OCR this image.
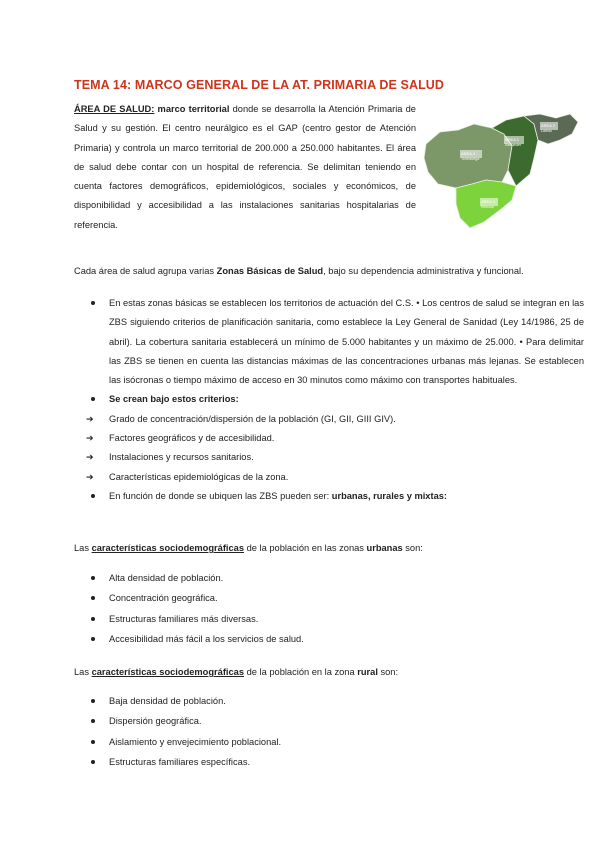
TEMA 14: MARCO GENERAL DE LA AT. PRIMARIA DE SALUD
ÁREA DE SALUD: marco territorial donde se desarrolla la Atención Primaria de Salud y su gestión. El centro neurálgico es el GAP (centro gestor de Atención Primaria) y controla un marco territorial de 200.000 a 250.000 habitantes. El área de salud debe contar con un hospital de referencia. Se delimitan teniendo en cuenta factores demográficos, epidemiológicos, sociales y económicos, de disponibilidad y accesibilidad a las instalaciones sanitarias hospitalarias de referencia.
ÁREA 4
Torrelavega
ÁREA 1
Santander
ÁREA 2
Laredo
ÁREA 3
Reinosa
Cada área de salud agrupa varias Zonas Básicas de Salud, bajo su dependencia administrativa y funcional.
En estas zonas básicas se establecen los territorios de actuación del C.S. • Los centros de salud se integran en las ZBS siguiendo criterios de planificación sanitaria, como establece la Ley General de Sanidad (Ley 14/1986, 25 de abril). La cobertura sanitaria establecerá un mínimo de 5.000 habitantes y un máximo de 25.000. • Para delimitar las ZBS se tienen en cuenta las distancias máximas de las concentraciones urbanas más lejanas. Se establecen las isócronas o tiempo máximo de acceso en 30 minutos como máximo con transportes habituales.
Se crean bajo estos criterios:
➔ Grado de concentración/dispersión de la población (GI, GII, GIII GIV).
➔ Factores geográficos y de accesibilidad.
➔ Instalaciones y recursos sanitarios.
➔ Características epidemiológicas de la zona.
En función de donde se ubiquen las ZBS pueden ser: urbanas, rurales y mixtas:
Las características sociodemográficas de la población en las zonas urbanas son:
Alta densidad de población.
Concentración geográfica.
Estructuras familiares más diversas.
Accesibilidad más fácil a los servicios de salud.
Las características sociodemográficas de la población en la zona rural son:
Baja densidad de población.
Dispersión geográfica.
Aislamiento y envejecimiento poblacional.
Estructuras familiares específicas.
